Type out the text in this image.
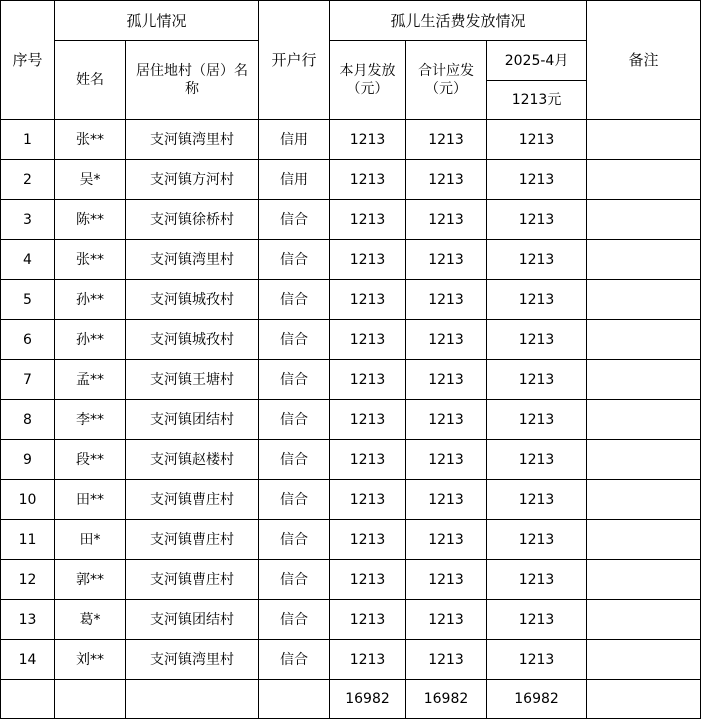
序号	孤儿情况		开户行	孤儿生活费发放情况			备注
	姓名	居住地村（居）名称		本月发放（元）	合计应发（元）	2025-4月	
						1213元	
1	张**	支河镇湾里村	信用	1213	1213	1213	
2	吴*	支河镇方河村	信用	1213	1213	1213	
3	陈**	支河镇徐桥村	信合	1213	1213	1213	
4	张**	支河镇湾里村	信合	1213	1213	1213	
5	孙**	支河镇城孜村	信合	1213	1213	1213	
6	孙**	支河镇城孜村	信合	1213	1213	1213	
7	孟**	支河镇王塘村	信合	1213	1213	1213	
8	李**	支河镇团结村	信合	1213	1213	1213	
9	段**	支河镇赵楼村	信合	1213	1213	1213	
10	田**	支河镇曹庄村	信合	1213	1213	1213	
11	田*	支河镇曹庄村	信合	1213	1213	1213	
12	郭**	支河镇曹庄村	信合	1213	1213	1213	
13	葛*	支河镇团结村	信合	1213	1213	1213	
14	刘**	支河镇湾里村	信合	1213	1213	1213	
				16982	16982	16982	
